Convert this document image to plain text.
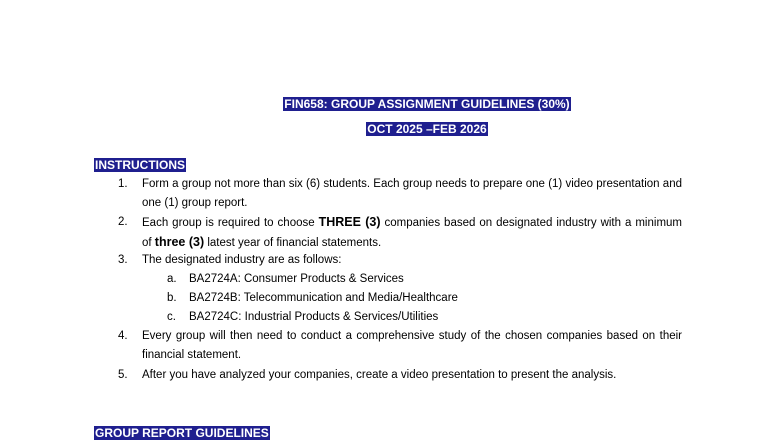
FIN658: GROUP ASSIGNMENT GUIDELINES (30%)
OCT 2025 –FEB 2026
INSTRUCTIONS
1. Form a group not more than six (6) students. Each group needs to prepare one (1) video presentation and one (1) group report.
2. Each group is required to choose THREE (3) companies based on designated industry with a minimum of three (3) latest year of financial statements.
3. The designated industry are as follows:
a. BA2724A: Consumer Products & Services
b. BA2724B: Telecommunication and Media/Healthcare
c. BA2724C: Industrial Products & Services/Utilities
4. Every group will then need to conduct a comprehensive study of the chosen companies based on their financial statement.
5. After you have analyzed your companies, create a video presentation to present the analysis.
GROUP REPORT GUIDELINES
